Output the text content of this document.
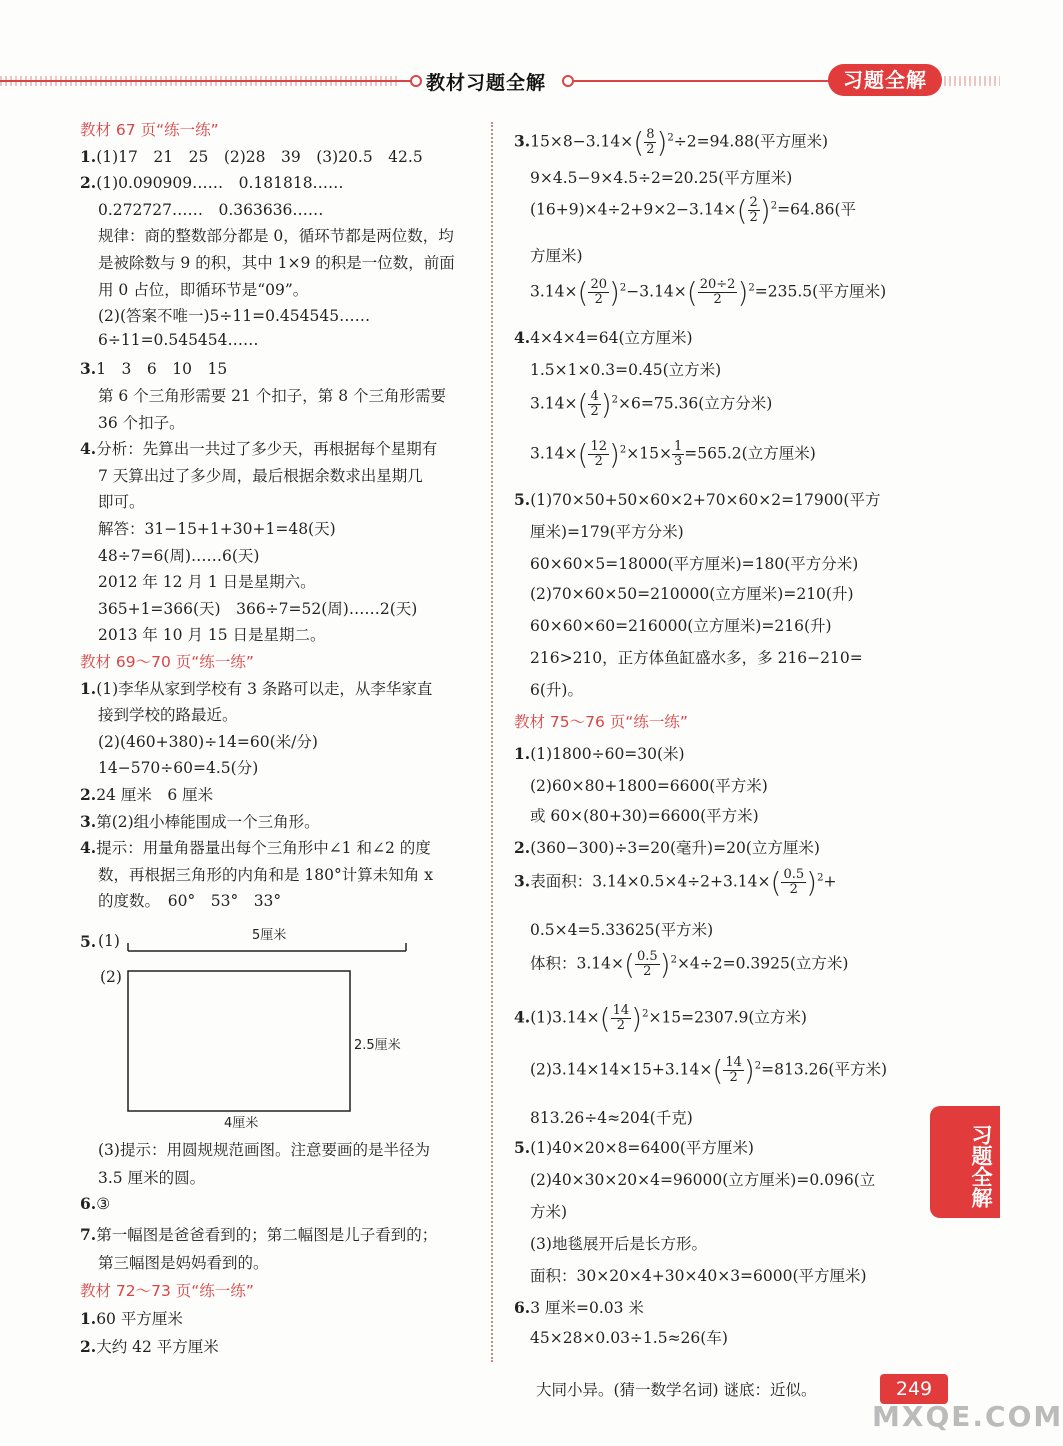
教材习题全解	习题全解
教材 67 页“练一练”
1.(1)17　21　25　(2)28　39　(3)20.5　42.5
2.(1)0.090909……　0.181818……
0.272727……　0.363636……
规律：商的整数部分都是 0，循环节都是两位数，均
是被除数与 9 的积，其中 1×9 的积是一位数，前面
用 0 占位，即循环节是“09”。
(2)(答案不唯一)5÷11=0.454545……
6÷11=0.545454……
3.1　3　6　10　15
第 6 个三角形需要 21 个扣子，第 8 个三角形需要
36 个扣子。
4.分析：先算出一共过了多少天，再根据每个星期有
7 天算出过了多少周，最后根据余数求出星期几
即可。
解答：31−15+1+30+1=48(天)
48÷7=6(周)……6(天)
2012 年 12 月 1 日是星期六。
365+1=366(天)　366÷7=52(周)……2(天)
2013 年 10 月 15 日是星期二。
教材 69～70 页“练一练”
1.(1)李华从家到学校有 3 条路可以走，从李华家直
接到学校的路最近。
(2)(460+380)÷14=60(米/分)
14−570÷60=4.5(分)
2.24 厘米　6 厘米
3.第(2)组小棒能围成一个三角形。
4.提示：用量角器量出每个三角形中∠1 和∠2 的度
数，再根据三角形的内角和是 180°计算未知角 x
的度数。　60°　53°　33°
5. (1)	5厘米
(2)
2.5厘米
4厘米
(3)提示：用圆规规范画图。注意要画的是半径为
3.5 厘米的圆。
6.③
7.第一幅图是爸爸看到的；第二幅图是儿子看到的；
第三幅图是妈妈看到的。
教材 72～73 页“练一练”
1.60 平方厘米
2.大约 42 平方厘米
$3.15\times 8-3.14\times( \frac{8}{2} )^2\div 2=94.88$(平方厘米)
9×4.5−9×4.5÷2=20.25(平方厘米)
$(16+9)\times 4\div 2+9\times 2-3.14\times( \frac{2}{2} )^2=64.86$(平
方厘米)
$3.14\times( \frac{20}{2} )^2-3.14\times( \frac{20\div 2}{2} )^2=235.5$(平方厘米)
4.4×4×4=64(立方厘米)
1.5×1×0.3=0.45(立方米)
$3.14\times( \frac{4}{2} )^2\times 6=75.36$(立方分米)
$3.14\times( \frac{12}{2} )^2\times 15\times \frac{1}{3} =565.2$(立方厘米)
5.(1)70×50+50×60×2+70×60×2=17900(平方
厘米)=179(平方分米)
60×60×5=18000(平方厘米)=180(平方分米)
(2)70×60×50=210000(立方厘米)=210(升)
60×60×60=216000(立方厘米)=216(升)
216>210，正方体鱼缸盛水多，多 216−210=
6(升)。
教材 75～76 页“练一练”
1.(1)1800÷60=30(米)
(2)60×80+1800=6600(平方米)
或 60×(80+30)=6600(平方米)
2.(360−300)÷3=20(毫升)=20(立方厘米)
3.表面积：$3.14\times 0.5\times 4\div 2+3.14\times( \frac{0.5}{2} )^2+$
0.5×4=5.33625(平方米)
体积：$3.14\times( \frac{0.5}{2} )^2\times 4\div 2=0.3925$(立方米)
$4.(1)3.14\times( \frac{14}{2} )^2\times 15=2307.9$(立方米)
$(2)3.14\times 14\times 15+3.14\times( \frac{14}{2} )^2=813.26$(平方米)
813.26÷4≈204(千克)
5.(1)40×20×8=6400(平方厘米)
(2)40×30×20×4=96000(立方厘米)=0.096(立
方米)
(3)地毯展开后是长方形。
面积：30×20×4+30×40×3=6000(平方厘米)
6.3 厘米=0.03 米
45×28×0.03÷1.5≈26(车)
习题全解
大同小异。(猜一数学名词) 谜底：近似。	249
MXQE.COM
